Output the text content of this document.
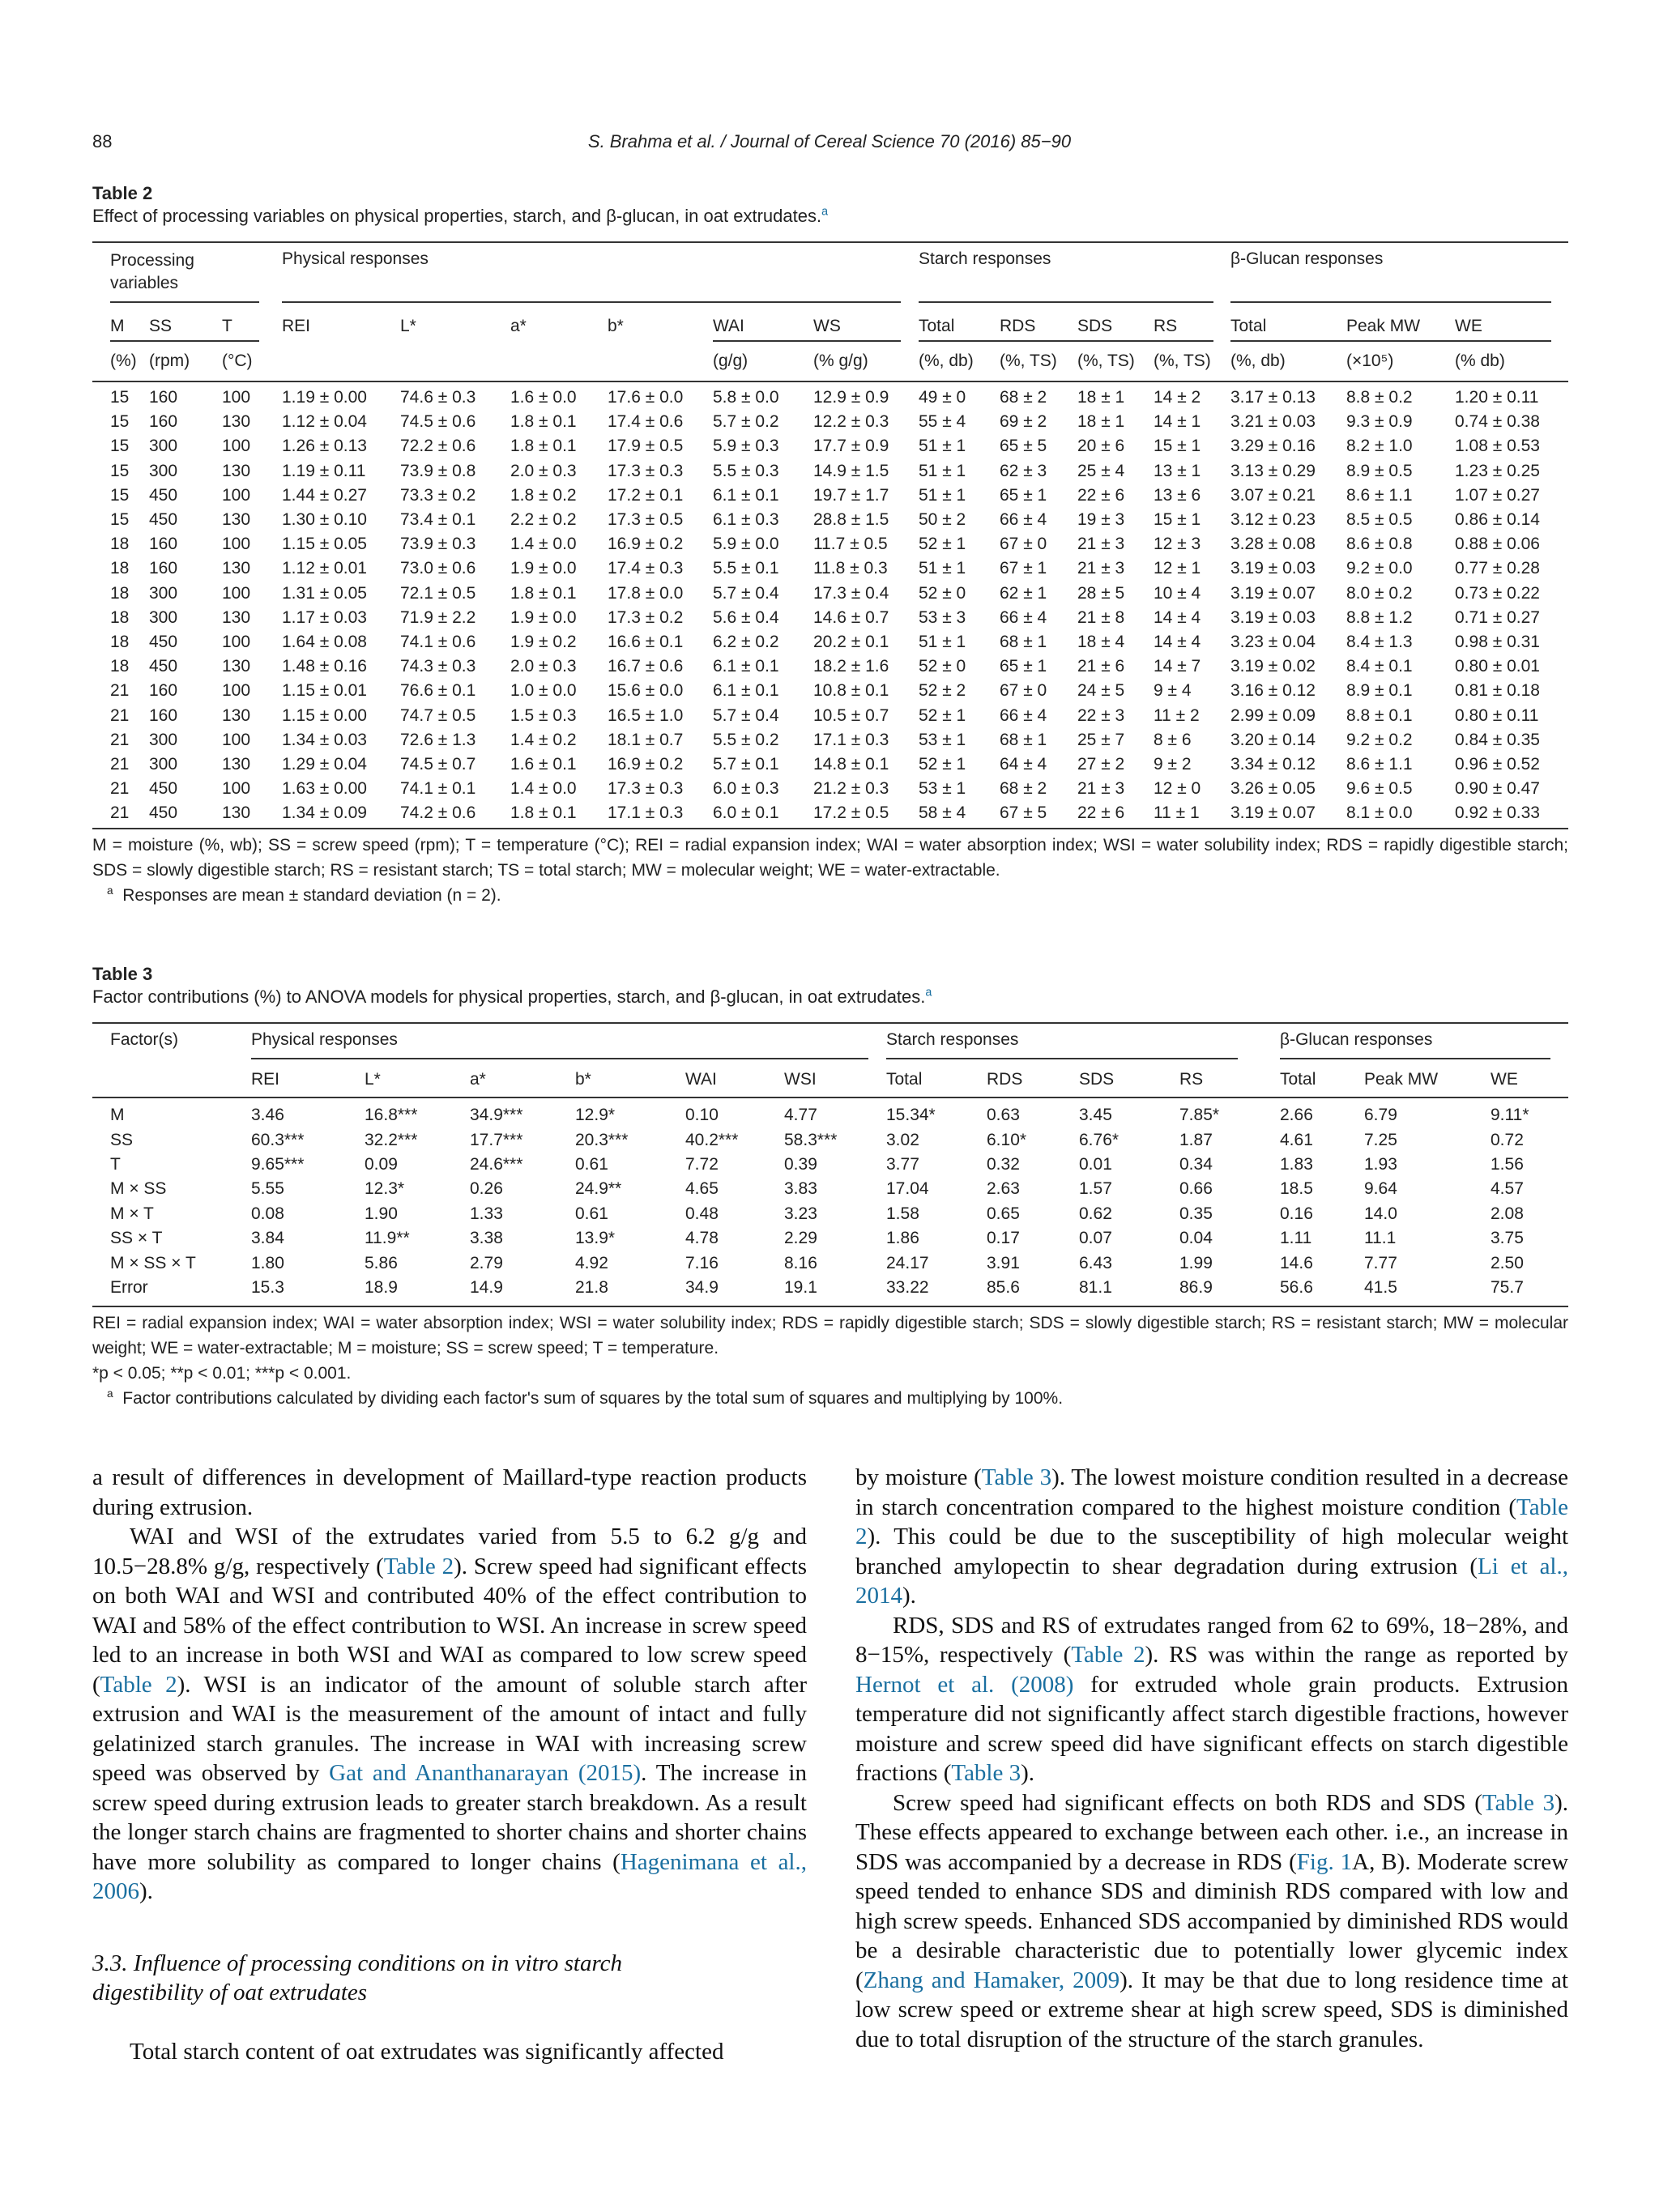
88	S. Brahma et al. / Journal of Cereal Science 70 (2016) 85−90
Table 2
Effect of processing variables on physical properties, starch, and β-glucan, in oat extrudates.$^a$
Processing variables
Physical responses	Starch responses	β-Glucan responses
M	SS	T	REI	L*	a*	b*	WAI	WS	Total	RDS	SDS	RS	Total	Peak MW	WE
(%)	(rpm)	(°C)					(g/g)	(% g/g)	(%, db)	(%, TS)	(%, TS)	(%, TS)	(%, db)	(×10⁵)	(% db)
15	160	100	1.19 ± 0.00	74.6 ± 0.3	1.6 ± 0.0	17.6 ± 0.0	5.8 ± 0.0	12.9 ± 0.9	49 ± 0	68 ± 2	18 ± 1	14 ± 2	3.17 ± 0.13	8.8 ± 0.2	1.20 ± 0.11
15	160	130	1.12 ± 0.04	74.5 ± 0.6	1.8 ± 0.1	17.4 ± 0.6	5.7 ± 0.2	12.2 ± 0.3	55 ± 4	69 ± 2	18 ± 1	14 ± 1	3.21 ± 0.03	9.3 ± 0.9	0.74 ± 0.38
15	300	100	1.26 ± 0.13	72.2 ± 0.6	1.8 ± 0.1	17.9 ± 0.5	5.9 ± 0.3	17.7 ± 0.9	51 ± 1	65 ± 5	20 ± 6	15 ± 1	3.29 ± 0.16	8.2 ± 1.0	1.08 ± 0.53
15	300	130	1.19 ± 0.11	73.9 ± 0.8	2.0 ± 0.3	17.3 ± 0.3	5.5 ± 0.3	14.9 ± 1.5	51 ± 1	62 ± 3	25 ± 4	13 ± 1	3.13 ± 0.29	8.9 ± 0.5	1.23 ± 0.25
15	450	100	1.44 ± 0.27	73.3 ± 0.2	1.8 ± 0.2	17.2 ± 0.1	6.1 ± 0.1	19.7 ± 1.7	51 ± 1	65 ± 1	22 ± 6	13 ± 6	3.07 ± 0.21	8.6 ± 1.1	1.07 ± 0.27
15	450	130	1.30 ± 0.10	73.4 ± 0.1	2.2 ± 0.2	17.3 ± 0.5	6.1 ± 0.3	28.8 ± 1.5	50 ± 2	66 ± 4	19 ± 3	15 ± 1	3.12 ± 0.23	8.5 ± 0.5	0.86 ± 0.14
18	160	100	1.15 ± 0.05	73.9 ± 0.3	1.4 ± 0.0	16.9 ± 0.2	5.9 ± 0.0	11.7 ± 0.5	52 ± 1	67 ± 0	21 ± 3	12 ± 3	3.28 ± 0.08	8.6 ± 0.8	0.88 ± 0.06
18	160	130	1.12 ± 0.01	73.0 ± 0.6	1.9 ± 0.0	17.4 ± 0.3	5.5 ± 0.1	11.8 ± 0.3	51 ± 1	67 ± 1	21 ± 3	12 ± 1	3.19 ± 0.03	9.2 ± 0.0	0.77 ± 0.28
18	300	100	1.31 ± 0.05	72.1 ± 0.5	1.8 ± 0.1	17.8 ± 0.0	5.7 ± 0.4	17.3 ± 0.4	52 ± 0	62 ± 1	28 ± 5	10 ± 4	3.19 ± 0.07	8.0 ± 0.2	0.73 ± 0.22
18	300	130	1.17 ± 0.03	71.9 ± 2.2	1.9 ± 0.0	17.3 ± 0.2	5.6 ± 0.4	14.6 ± 0.7	53 ± 3	66 ± 4	21 ± 8	14 ± 4	3.19 ± 0.03	8.8 ± 1.2	0.71 ± 0.27
18	450	100	1.64 ± 0.08	74.1 ± 0.6	1.9 ± 0.2	16.6 ± 0.1	6.2 ± 0.2	20.2 ± 0.1	51 ± 1	68 ± 1	18 ± 4	14 ± 4	3.23 ± 0.04	8.4 ± 1.3	0.98 ± 0.31
18	450	130	1.48 ± 0.16	74.3 ± 0.3	2.0 ± 0.3	16.7 ± 0.6	6.1 ± 0.1	18.2 ± 1.6	52 ± 0	65 ± 1	21 ± 6	14 ± 7	3.19 ± 0.02	8.4 ± 0.1	0.80 ± 0.01
21	160	100	1.15 ± 0.01	76.6 ± 0.1	1.0 ± 0.0	15.6 ± 0.0	6.1 ± 0.1	10.8 ± 0.1	52 ± 2	67 ± 0	24 ± 5	9 ± 4	3.16 ± 0.12	8.9 ± 0.1	0.81 ± 0.18
21	160	130	1.15 ± 0.00	74.7 ± 0.5	1.5 ± 0.3	16.5 ± 1.0	5.7 ± 0.4	10.5 ± 0.7	52 ± 1	66 ± 4	22 ± 3	11 ± 2	2.99 ± 0.09	8.8 ± 0.1	0.80 ± 0.11
21	300	100	1.34 ± 0.03	72.6 ± 1.3	1.4 ± 0.2	18.1 ± 0.7	5.5 ± 0.2	17.1 ± 0.3	53 ± 1	68 ± 1	25 ± 7	8 ± 6	3.20 ± 0.14	9.2 ± 0.2	0.84 ± 0.35
21	300	130	1.29 ± 0.04	74.5 ± 0.7	1.6 ± 0.1	16.9 ± 0.2	5.7 ± 0.1	14.8 ± 0.1	52 ± 1	64 ± 4	27 ± 2	9 ± 2	3.34 ± 0.12	8.6 ± 1.1	0.96 ± 0.52
21	450	100	1.63 ± 0.00	74.1 ± 0.1	1.4 ± 0.0	17.3 ± 0.3	6.0 ± 0.3	21.2 ± 0.3	53 ± 1	68 ± 2	21 ± 3	12 ± 0	3.26 ± 0.05	9.6 ± 0.5	0.90 ± 0.47
21	450	130	1.34 ± 0.09	74.2 ± 0.6	1.8 ± 0.1	17.1 ± 0.3	6.0 ± 0.1	17.2 ± 0.5	58 ± 4	67 ± 5	22 ± 6	11 ± 1	3.19 ± 0.07	8.1 ± 0.0	0.92 ± 0.33
M = moisture (%, wb); SS = screw speed (rpm); T = temperature (°C); REI = radial expansion index; WAI = water absorption index; WSI = water solubility index; RDS = rapidly digestible starch; SDS = slowly digestible starch; RS = resistant starch; TS = total starch; MW = molecular weight; WE = water-extractable.
$^a$ Responses are mean ± standard deviation (n = 2).
Table 3
Factor contributions (%) to ANOVA models for physical properties, starch, and β-glucan, in oat extrudates.$^a$
Factor(s)	Physical responses	Starch responses	β-Glucan responses
	REI	L*	a*	b*	WAI	WSI	Total	RDS	SDS	RS	Total	Peak MW	WE
M	3.46	16.8***	34.9***	12.9*	0.10	4.77	15.34*	0.63	3.45	7.85*	2.66	6.79	9.11*
SS	60.3***	32.2***	17.7***	20.3***	40.2***	58.3***	3.02	6.10*	6.76*	1.87	4.61	7.25	0.72
T	9.65***	0.09	24.6***	0.61	7.72	0.39	3.77	0.32	0.01	0.34	1.83	1.93	1.56
M × SS	5.55	12.3*	0.26	24.9**	4.65	3.83	17.04	2.63	1.57	0.66	18.5	9.64	4.57
M × T	0.08	1.90	1.33	0.61	0.48	3.23	1.58	0.65	0.62	0.35	0.16	14.0	2.08
SS × T	3.84	11.9**	3.38	13.9*	4.78	2.29	1.86	0.17	0.07	0.04	1.11	11.1	3.75
M × SS × T	1.80	5.86	2.79	4.92	7.16	8.16	24.17	3.91	6.43	1.99	14.6	7.77	2.50
Error	15.3	18.9	14.9	21.8	34.9	19.1	33.22	85.6	81.1	86.9	56.6	41.5	75.7
REI = radial expansion index; WAI = water absorption index; WSI = water solubility index; RDS = rapidly digestible starch; SDS = slowly digestible starch; RS = resistant starch; MW = molecular weight; WE = water-extractable; M = moisture; SS = screw speed; T = temperature.
*p < 0.05; **p < 0.01; ***p < 0.001.
$^a$ Factor contributions calculated by dividing each factor's sum of squares by the total sum of squares and multiplying by 100%.

a result of differences in development of Maillard-type reaction products during extrusion.

WAI and WSI of the extrudates varied from 5.5 to 6.2 g/g and 10.5−28.8% g/g, respectively (Table 2). Screw speed had significant effects on both WAI and WSI and contributed 40% of the effect contribution to WAI and 58% of the effect contribution to WSI. An increase in screw speed led to an increase in both WSI and WAI as compared to low screw speed (Table 2). WSI is an indicator of the amount of soluble starch after extrusion and WAI is the measurement of the amount of intact and fully gelatinized starch granules. The increase in WAI with increasing screw speed was observed by Gat and Ananthanarayan (2015). The increase in screw speed during extrusion leads to greater starch breakdown. As a result the longer starch chains are fragmented to shorter chains and shorter chains have more solubility as compared to longer chains (Hagenimana et al., 2006).

3.3. Influence of processing conditions on in vitro starch digestibility of oat extrudates

Total starch content of oat extrudates was significantly affected

by moisture (Table 3). The lowest moisture condition resulted in a decrease in starch concentration compared to the highest moisture condition (Table 2). This could be due to the susceptibility of high molecular weight branched amylopectin to shear degradation during extrusion (Li et al., 2014).

RDS, SDS and RS of extrudates ranged from 62 to 69%, 18−28%, and 8−15%, respectively (Table 2). RS was within the range as reported by Hernot et al. (2008) for extruded whole grain products. Extrusion temperature did not significantly affect starch digestible fractions, however moisture and screw speed did have significant effects on starch digestible fractions (Table 3).

Screw speed had significant effects on both RDS and SDS (Table 3). These effects appeared to exchange between each other. i.e., an increase in SDS was accompanied by a decrease in RDS (Fig. 1A, B). Moderate screw speed tended to enhance SDS and diminish RDS compared with low and high screw speeds. Enhanced SDS accompanied by diminished RDS would be a desirable characteristic due to potentially lower glycemic index (Zhang and Hamaker, 2009). It may be that due to long residence time at low screw speed or extreme shear at high screw speed, SDS is diminished due to total disruption of the structure of the starch granules.
